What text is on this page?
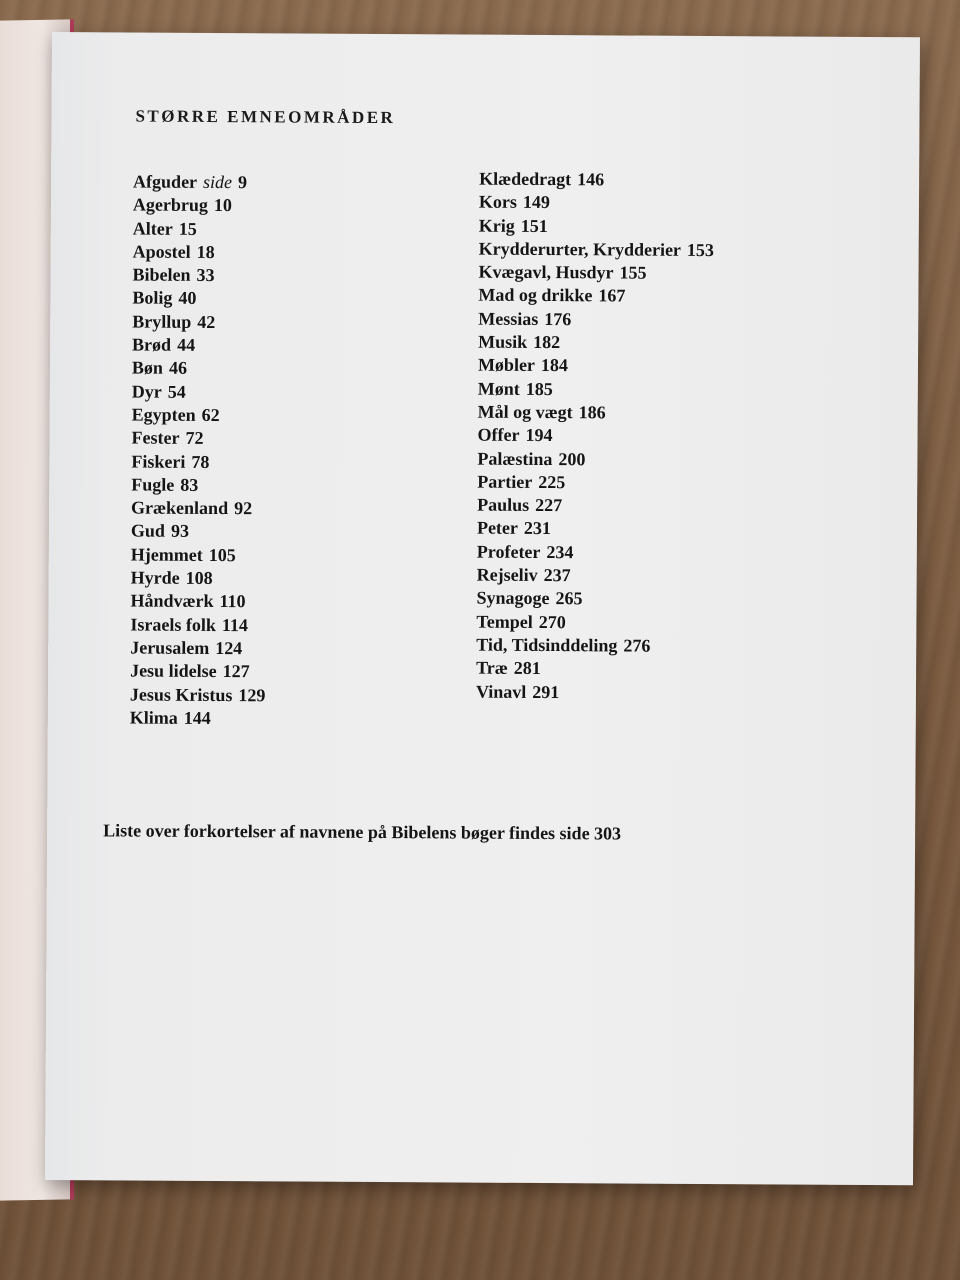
STØRRE EMNEOMRÅDER
Afguder side 9
Agerbrug 10
Alter 15
Apostel 18
Bibelen 33
Bolig 40
Bryllup 42
Brød 44
Bøn 46
Dyr 54
Egypten 62
Fester 72
Fiskeri 78
Fugle 83
Grækenland 92
Gud 93
Hjemmet 105
Hyrde 108
Håndværk 110
Israels folk 114
Jerusalem 124
Jesu lidelse 127
Jesus Kristus 129
Klima 144
Klædedragt 146
Kors 149
Krig 151
Krydderurter, Krydderier 153
Kvægavl, Husdyr 155
Mad og drikke 167
Messias 176
Musik 182
Møbler 184
Mønt 185
Mål og vægt 186
Offer 194
Palæstina 200
Partier 225
Paulus 227
Peter 231
Profeter 234
Rejseliv 237
Synagoge 265
Tempel 270
Tid, Tidsinddeling 276
Træ 281
Vinavl 291
Liste over forkortelser af navnene på Bibelens bøger findes side 303
